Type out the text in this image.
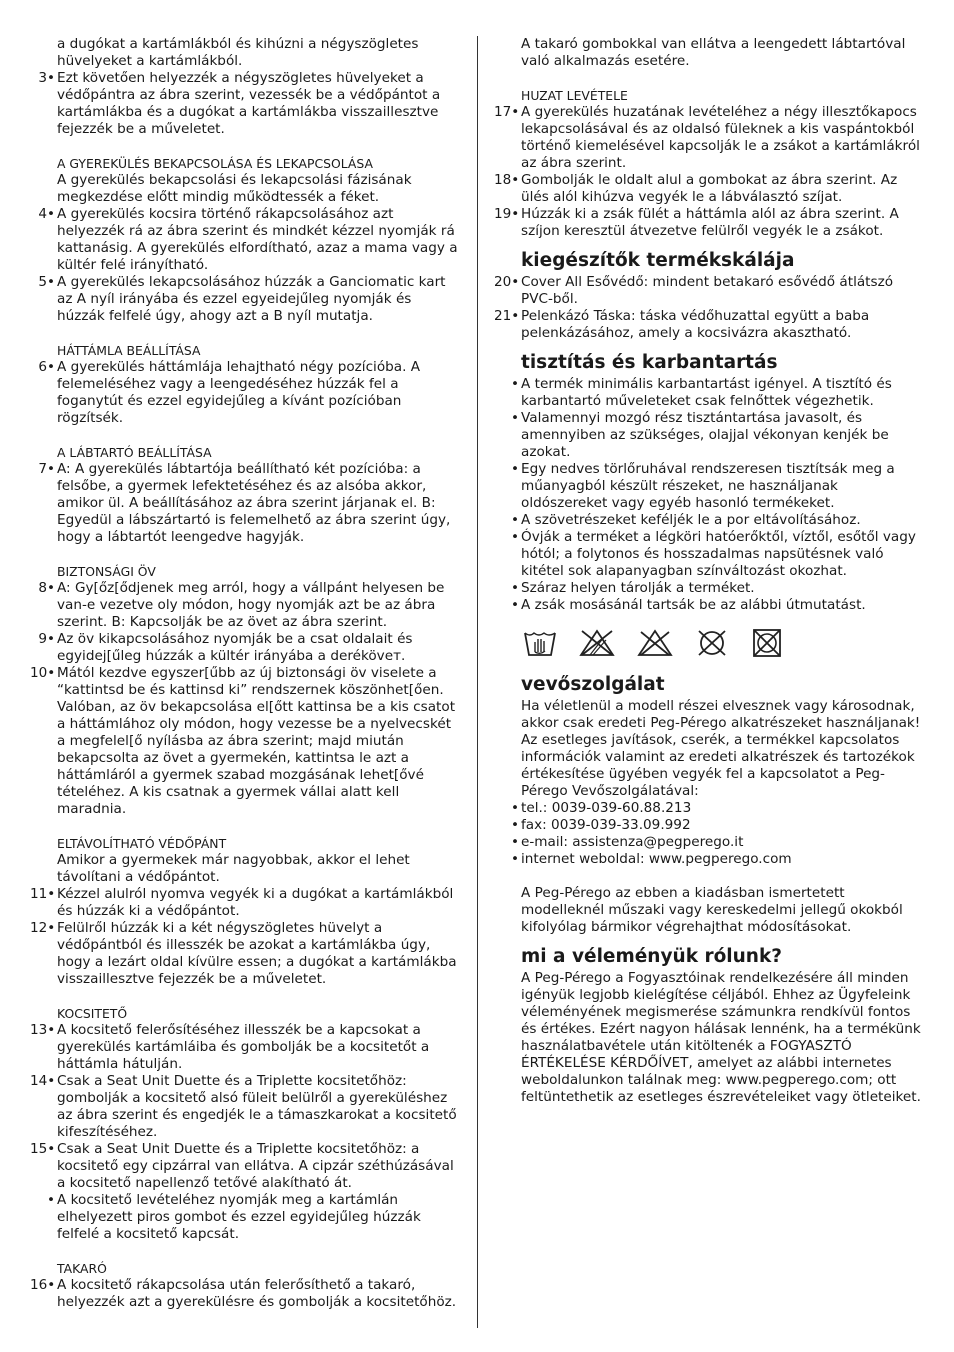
a dugókat a kartámlákból és kihúzni a négyszögletes hüvelyeket a kartámlákból.
3• Ezt követően helyezzék a négyszögletes hüvelyeket a védőpántra az ábra szerint, vezessék be a védőpántot a kartámlákba és a dugókat a kartámlákba visszaillesztve fejezzék be a műveletet.
A GYEREKÜLÉS BEKAPCSOLÁSA ÉS LEKAPCSOLÁSA
A gyerekülés bekapcsolási és lekapcsolási fázisának megkezdése előtt mindig működtessék a féket.
4• A gyerekülés kocsira történő rákapcsolásához azt helyezzék rá az ábra szerint és mindkét kézzel nyomják rá kattanásig. A gyerekülés elfordítható, azaz a mama vagy a kültér felé irányítható.
5• A gyerekülés lekapcsolásához húzzák a Ganciomatic kart az A nyíl irányába és ezzel egyeidejűleg nyomják és húzzák felfelé úgy, ahogy azt a B nyíl mutatja.
HÁTTÁMLA BEÁLLÍTÁSA
6• A gyerekülés háttámlája lehajtható négy pozícióba. A felemeléséhez vagy a leengedéséhez húzzák fel a foganytút és ezzel egyidejűleg a kívánt pozícióban rögzítsék.
A LÁBTARTÓ BEÁLLÍTÁSA
7• A: A gyerekülés lábtartója beállítható két pozícióba: a felsőbe, a gyermek lefektetéséhez és az alsóba akkor, amikor ül. A beállításához az ábra szerint járjanak el. B: Egyedül a lábszártartó is felemelhető az ábra szerint úgy, hogy a lábtartót leengedve hagyják.
BIZTONSÁGI ÖV
8• A: Gy[őz[ődjenek meg arról, hogy a vállpánt helyesen be van-e vezetve oly módon, hogy nyomják azt be az ábra szerint. B: Kapcsolják be az övet az ábra szerint.
9• Az öv kikapcsolásához nyomják be a csat oldalait és egyidej[űleg húzzák a kültér irányába a deréköveт.
10• Mától kezdve egyszer[űbb az új biztonsági öv viselete a “kattintsd be és kattinsd ki” rendszernek köszönhet[ően. Valóban, az öv bekapcsolása el[őtt kattinsa be a kis csatot a háttámlához oly módon, hogy vezesse be a nyelvecskét a megfelel[ő nyílásba az ábra szerint; majd miután bekapcsolta az övet a gyermekén, kattintsa le azt a háttámláról a gyermek szabad mozgásának lehet[ővé tételéhez. A kis csatnak a gyermek vállai alatt kell maradnia.
ELTÁVOLÍTHATÓ VÉDŐPÁNT
Amikor a gyermekek már nagyobbak, akkor el lehet távolítani a védőpántot.
11• Kézzel alulról nyomva vegyék ki a dugókat a kartámlákból és húzzák ki a védőpántot.
12• Felülről húzzák ki a két négyszögletes hüvelyt a védőpántból és illesszék be azokat a kartámlákba úgy, hogy a lezárt oldal kívülre essen; a dugókat a kartámlákba visszaillesztve fejezzék be a műveletet.
KOCSITETŐ
13• A kocsitető felerősítéséhez illesszék be a kapcsokat a gyerekülés kartámláiba és gombolják be a kocsitetőt a háttámla hátulján.
14• Csak a Seat Unit Duette és a Triplette kocsitetőhöz: gombolják a kocsitető alsó füleit belülről a gyereküléshez az ábra szerint és engedjék le a támaszkarokat a kocsitető kifeszítéséhez.
15• Csak a Seat Unit Duette és a Triplette kocsitetőhöz: a kocsitető egy cipzárral van ellátva. A cipzár széthúzásával a kocsitető napellenző tetővé alakítható át.
• A kocsitető levételéhez nyomják meg a kartámlán elhelyezett piros gombot és ezzel egyidejűleg húzzák felfelé a kocsitető kapcsát.
TAKARÓ
16• A kocsitető rákapcsolása után felerősíthető a takaró, helyezzék azt a gyerekülésre és gombolják a kocsitetőhöz.
A takaró gombokkal van ellátva a leengedett lábtartóval való alkalmazás esetére.
HUZAT LEVÉTELE
17• A gyerekülés huzatának levételéhez a négy illesztőkapocs lekapcsolásával és az oldalsó füleknek a kis vaspántokból történő kiemelésével kapcsolják le a zsákot a kartámlákról az ábra szerint.
18• Gombolják le oldalt alul a gombokat az ábra szerint. Az ülés alól kihúzva vegyék le a lábválasztó szíjat.
19• Húzzák ki a zsák fülét a háttámla alól az ábra szerint. A szíjon keresztül átvezetve felülről vegyék le a zsákot.
kiegészítők termékskálája
20• Cover All Esővédő: mindent betakaró esővédő átlátszó PVC-ből.
21• Pelenkázó Táska: táska védőhuzattal együtt a baba pelenkázásához, amely a kocsivázra akasztható.
tisztítás és karbantartás
• A termék minimális karbantartást igényel. A tisztító és karbantartó műveleteket csak felnőttek végezhetik.
• Valamennyi mozgó rész tisztántartása javasolt, és amennyiben az szükséges, olajjal vékonyan kenjék be azokat.
• Egy nedves törlőruhával rendszeresen tisztítsák meg a műanyagból készült részeket, ne használjanak oldószereket vagy egyéb hasonló termékeket.
• A szövetrészeket keféljék le a por eltávolításához.
• Óvják a terméket a légköri hatóerőktől, víztől, esőtől vagy hótól; a folytonos és hosszadalmas napsütésnek való kitétel sok alapanyagban színváltozást okozhat.
• Száraz helyen tárolják a terméket.
• A zsák mosásánál tartsák be az alábbi útmutatást.
vevőszolgálat
Ha véletlenül a modell részei elvesznek vagy károsodnak, akkor csak eredeti Peg-Pérego alkatrészeket használjanak! Az esetleges javítások, cserék, a termékkel kapcsolatos információk valamint az eredeti alkatrészek és tartozékok értékesítése ügyében vegyék fel a kapcsolatot a Peg-Pérego Vevőszolgálatával:
• tel.: 0039-039-60.88.213
• fax: 0039-039-33.09.992
• e-mail: assistenza@pegperego.it
• internet weboldal: www.pegperego.com
A Peg-Pérego az ebben a kiadásban ismertetett modelleknél műszaki vagy kereskedelmi jellegű okokból kifolyólag bármikor végrehajthat módosításokat.
mi a véleményük rólunk?
A Peg-Pérego a Fogyasztóinak rendelkezésére áll minden igényük legjobb kielégítése céljából. Ehhez az Ügyfeleink véleményének megismerése számunkra rendkívül fontos és értékes. Ezért nagyon hálásak lennénk, ha a termékünk használatbavétele után kitöltenék a FOGYASZTÓ ÉRTÉKELÉSE KÉRDŐÍVET, amelyet az alábbi internetes weboldalunkon találnak meg: www.pegperego.com; ott feltüntethetik az esetleges észrevételeiket vagy ötleteiket.
